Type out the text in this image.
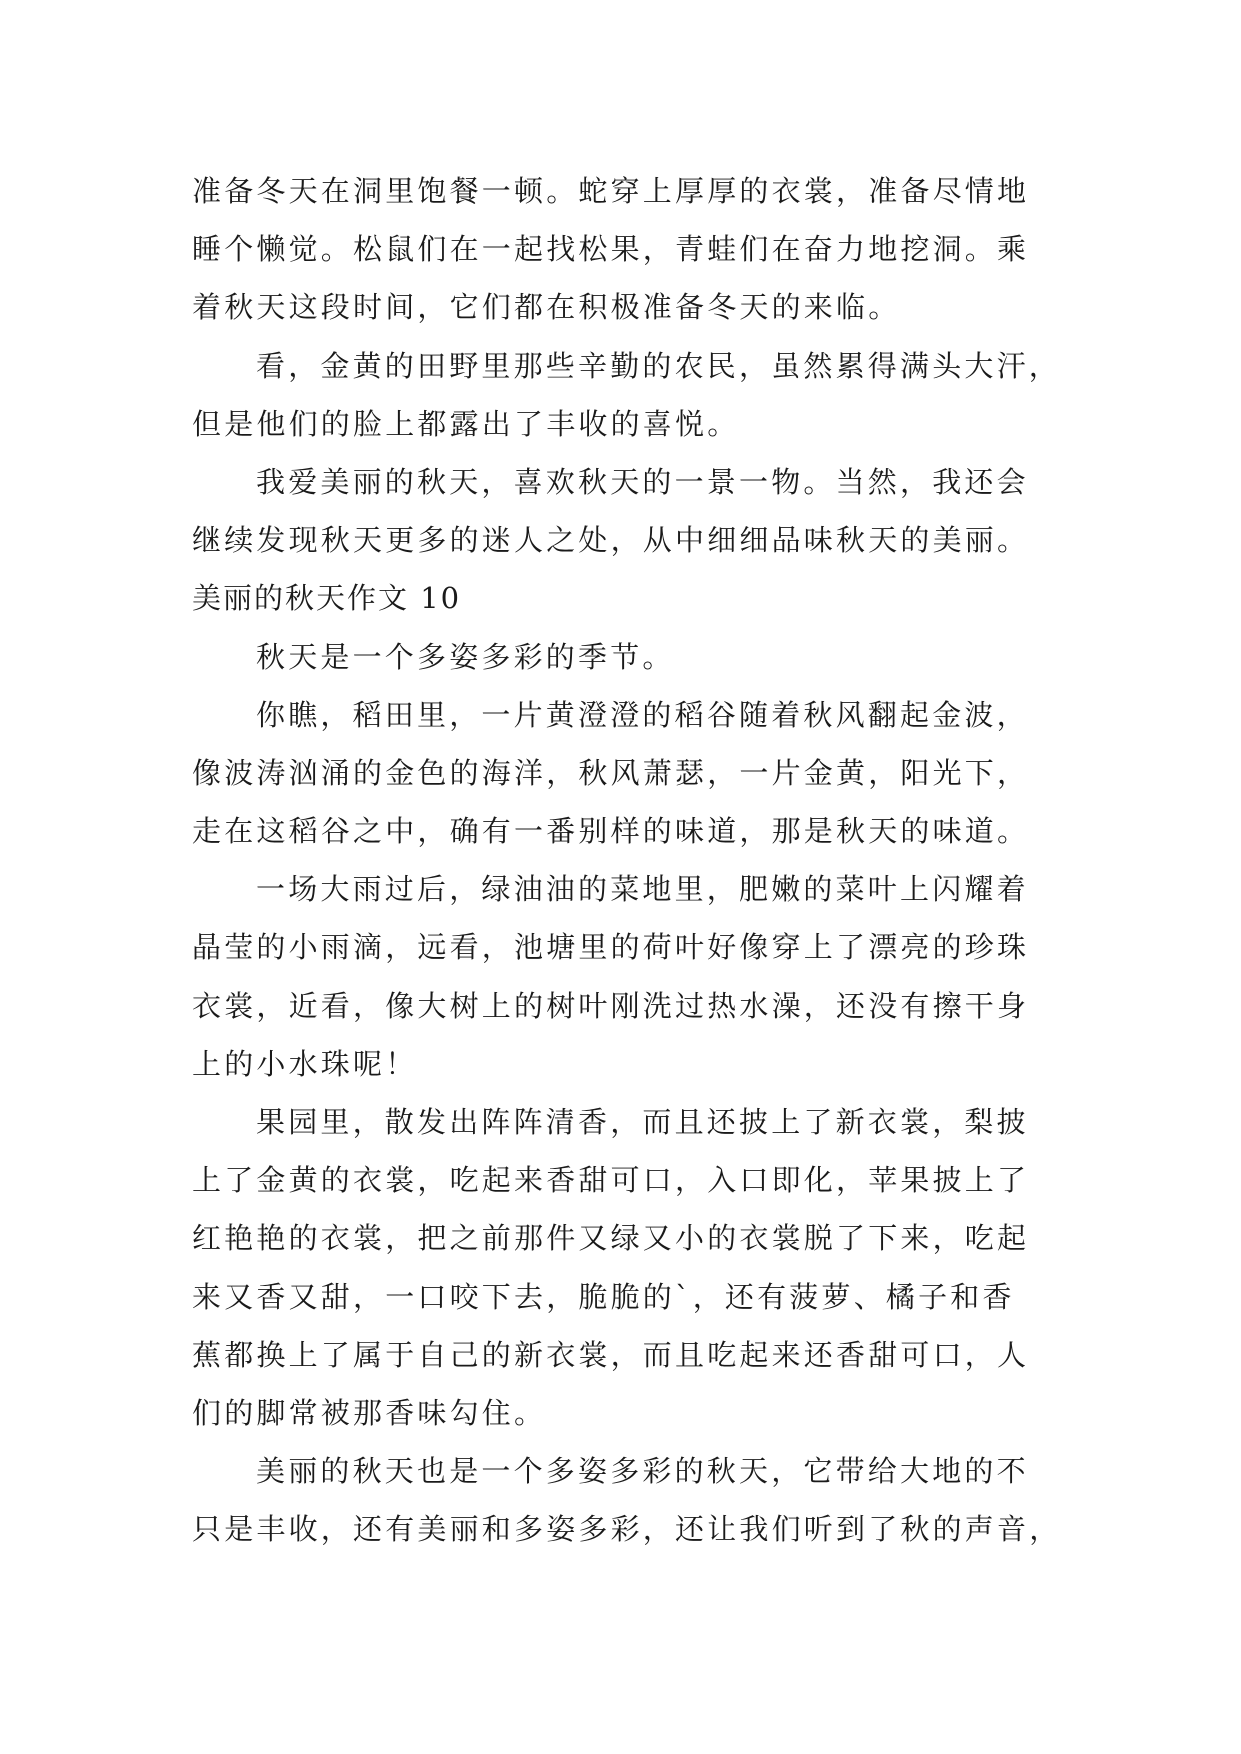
准备冬天在洞里饱餐一顿。蛇穿上厚厚的衣裳，准备尽情地
睡个懒觉。松鼠们在一起找松果，青蛙们在奋力地挖洞。乘
着秋天这段时间，它们都在积极准备冬天的来临。
看，金黄的田野里那些辛勤的农民，虽然累得满头大汗，
但是他们的脸上都露出了丰收的喜悦。
我爱美丽的秋天，喜欢秋天的一景一物。当然，我还会
继续发现秋天更多的迷人之处，从中细细品味秋天的美丽。
美丽的秋天作文 10
秋天是一个多姿多彩的季节。
你瞧，稻田里，一片黄澄澄的稻谷随着秋风翻起金波，
像波涛汹涌的金色的海洋，秋风萧瑟，一片金黄，阳光下，
走在这稻谷之中，确有一番别样的味道，那是秋天的味道。
一场大雨过后，绿油油的菜地里，肥嫩的菜叶上闪耀着
晶莹的小雨滴，远看，池塘里的荷叶好像穿上了漂亮的珍珠
衣裳，近看，像大树上的树叶刚洗过热水澡，还没有擦干身
上的小水珠呢！
果园里，散发出阵阵清香，而且还披上了新衣裳，梨披
上了金黄的衣裳，吃起来香甜可口，入口即化，苹果披上了
红艳艳的衣裳，把之前那件又绿又小的衣裳脱了下来，吃起
来又香又甜，一口咬下去，脆脆的`，还有菠萝、橘子和香
蕉都换上了属于自己的新衣裳，而且吃起来还香甜可口，人
们的脚常被那香味勾住。
美丽的秋天也是一个多姿多彩的秋天，它带给大地的不
只是丰收，还有美丽和多姿多彩，还让我们听到了秋的声音，
